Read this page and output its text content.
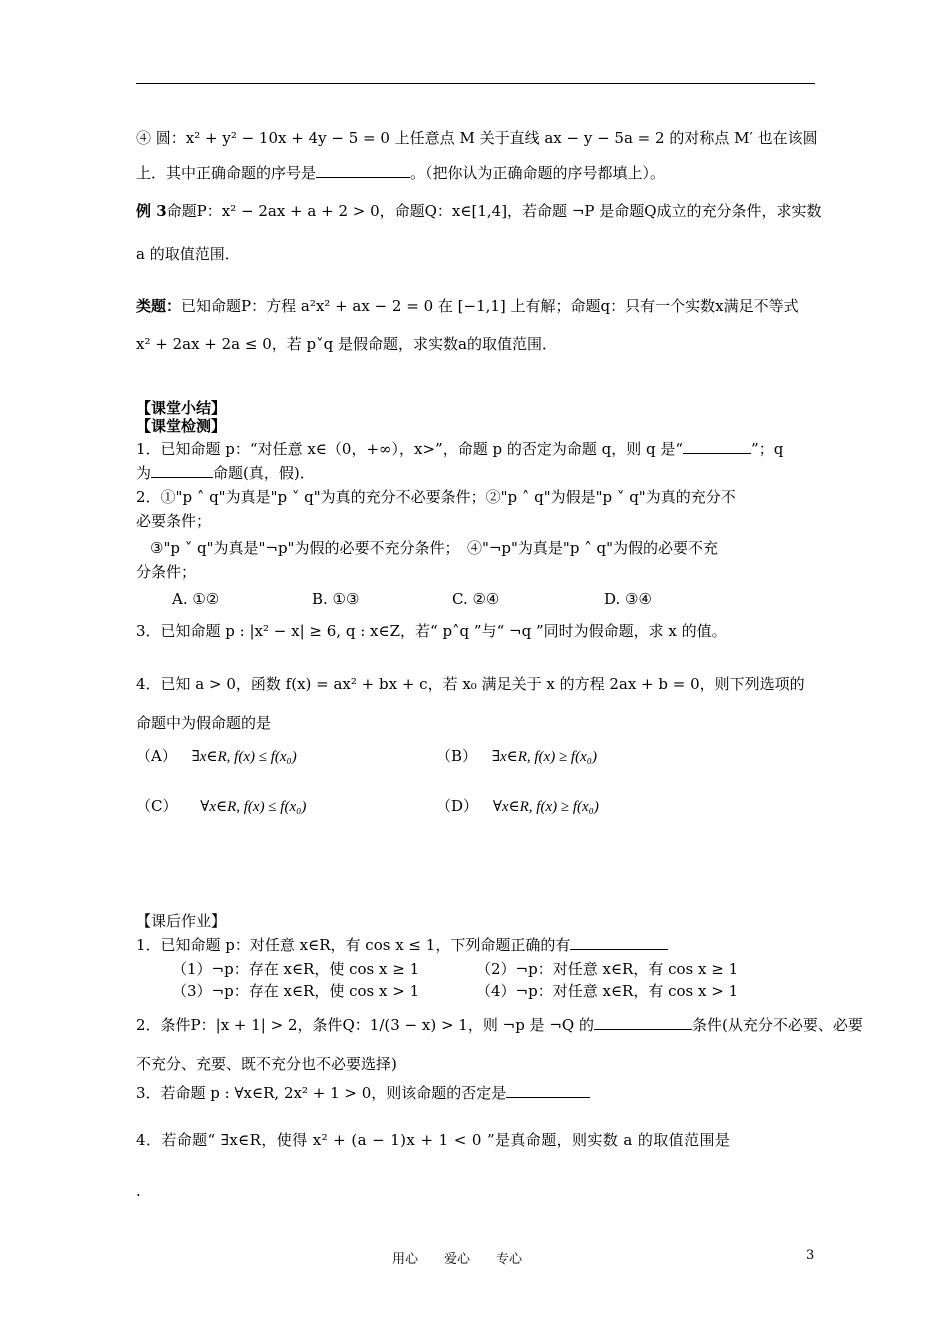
④ 圆：x² + y² − 10x + 4y − 5 = 0 上任意点 M 关于直线 ax − y − 5a = 2 的对称点 M′ 也在该圆
上．其中正确命题的序号是	。（把你认为正确命题的序号都填上）。
例 3命题P：x² − 2ax + a + 2 > 0，命题Q：x∈[1,4]，若命题 ¬P 是命题Q成立的充分条件，求实数
a 的取值范围．
类题：已知命题P：方程 a²x² + ax − 2 = 0 在 [−1,1] 上有解；命题q：只有一个实数x满足不等式
x² + 2ax + 2a ≤ 0，若 p˅q 是假命题，求实数a的取值范围．
【课堂小结】
【课堂检测】
1．已知命题 p：“对任意 x∈（0，+∞），x>”，命题 p 的否定为命题 q，则 q 是“	”；q
为	命题(真，假)．
2．①"p ˄ q"为真是"p ˅ q"为真的充分不必要条件；②"p ˄ q"为假是"p ˅ q"为真的充分不
必要条件；
③"p ˅ q"为真是"¬p"为假的必要不充分条件；　④"¬p"为真是"p ˄ q"为假的必要不充
分条件；
A. ①②	B. ①③	C. ②④	D. ③④
3．已知命题 p : |x² − x| ≥ 6, q : x∈Z，若“ p˄q ”与“ ¬q ”同时为假命题，求 x 的值。
4．已知 a > 0，函数 f(x) = ax² + bx + c，若 x₀ 满足关于 x 的方程 2ax + b = 0，则下列选项的
命题中为假命题的是
（A） ∃x∈R, f(x) ≤ f(x₀)	（B） ∃x∈R, f(x) ≥ f(x₀)
（C） ∀x∈R, f(x) ≤ f(x₀)	（D） ∀x∈R, f(x) ≥ f(x₀)
【课后作业】
1．已知命题 p：对任意 x∈R，有 cos x ≤ 1，下列命题正确的有
（1）¬p：存在 x∈R，使 cos x ≥ 1	（2）¬p：对任意 x∈R，有 cos x ≥ 1
（3）¬p：存在 x∈R，使 cos x > 1	（4）¬p：对任意 x∈R，有 cos x > 1
2．条件P：|x + 1| > 2，条件Q：1/(3 − x) > 1，则 ¬p 是 ¬Q 的	条件(从充分不必要、必要
不充分、充要、既不充分也不必要选择)
3．若命题 p : ∀x∈R, 2x² + 1 > 0，则该命题的否定是
4．若命题“ ∃x∈R，使得 x² + (a − 1)x + 1 < 0 ”是真命题，则实数 a 的取值范围是
.
用心　　爱心　　专心	3
